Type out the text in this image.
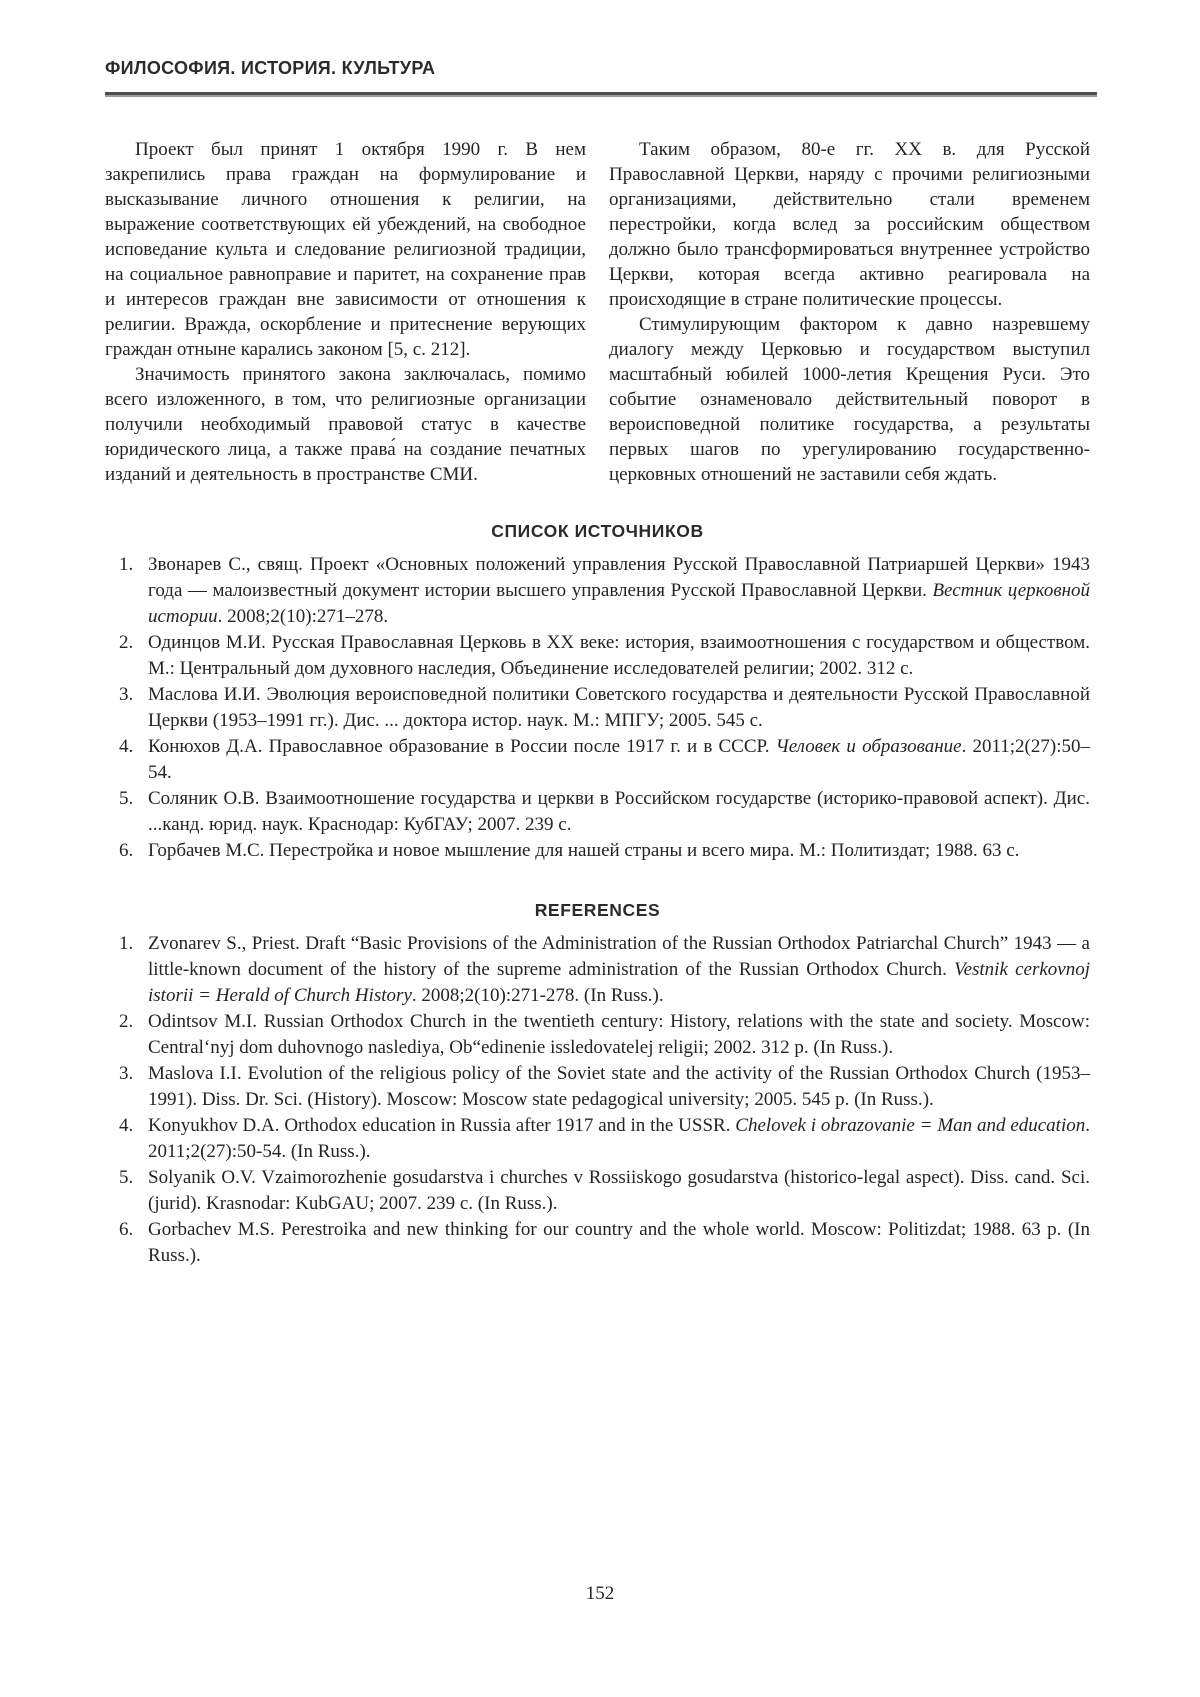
ФИЛОСОФИЯ. ИСТОРИЯ. КУЛЬТУРА

Проект был принят 1 октября 1990 г. В нем закрепились права граждан на формулирование и высказывание личного отношения к религии, на выражение соответствующих ей убеждений, на свободное исповедание культа и следование религиозной традиции, на социальное равноправие и паритет, на сохранение прав и интересов граждан вне зависимости от отношения к религии. Вражда, оскорбление и притеснение верующих граждан отныне карались законом [5, с. 212].

Значимость принятого закона заключалась, помимо всего изложенного, в том, что религиозные организации получили необходимый правовой статус в качестве юридического лица, а также права́ на создание печатных изданий и деятельность в пространстве СМИ.

Таким образом, 80-е гг. XX в. для Русской Православной Церкви, наряду с прочими религиозными организациями, действительно стали временем перестройки, когда вслед за российским обществом должно было трансформироваться внутреннее устройство Церкви, которая всегда активно реагировала на происходящие в стране политические процессы.

Стимулирующим фактором к давно назревшему диалогу между Церковью и государством выступил масштабный юбилей 1000-летия Крещения Руси. Это событие ознаменовало действительный поворот в вероисповедной политике государства, а результаты первых шагов по урегулированию государственно-церковных отношений не заставили себя ждать.

СПИСОК ИСТОЧНИКОВ
1. Звонарев С., свящ. Проект «Основных положений управления Русской Православной Патриаршей Церкви» 1943 года — малоизвестный документ истории высшего управления Русской Православной Церкви. Вестник церковной истории. 2008;2(10):271–278.
2. Одинцов М.И. Русская Православная Церковь в XX веке: история, взаимоотношения с государством и обществом. М.: Центральный дом духовного наследия, Объединение исследователей религии; 2002. 312 с.
3. Маслова И.И. Эволюция вероисповедной политики Советского государства и деятельности Русской Православной Церкви (1953–1991 гг.). Дис. ... доктора истор. наук. М.: МПГУ; 2005. 545 с.
4. Конюхов Д.А. Православное образование в России после 1917 г. и в СССР. Человек и образование. 2011;2(27):50–54.
5. Соляник О.В. Взаимоотношение государства и церкви в Российском государстве (историко-правовой аспект). Дис. ...канд. юрид. наук. Краснодар: КубГАУ; 2007. 239 с.
6. Горбачев М.С. Перестройка и новое мышление для нашей страны и всего мира. М.: Политиздат; 1988. 63 с.
REFERENCES
1. Zvonarev S., Priest. Draft “Basic Provisions of the Administration of the Russian Orthodox Patriarchal Church” 1943 — a little-known document of the history of the supreme administration of the Russian Orthodox Church. Vestnik cerkovnoj istorii = Herald of Church History. 2008;2(10):271-278. (In Russ.).
2. Odintsov M.I. Russian Orthodox Church in the twentieth century: History, relations with the state and society. Moscow: Central‘nyj dom duhovnogo naslediya, Ob“edinenie issledovatelej religii; 2002. 312 p. (In Russ.).
3. Maslova I.I. Evolution of the religious policy of the Soviet state and the activity of the Russian Orthodox Church (1953–1991). Diss. Dr. Sci. (History). Moscow: Moscow state pedagogical university; 2005. 545 p. (In Russ.).
4. Konyukhov D.A. Orthodox education in Russia after 1917 and in the USSR. Chelovek i obrazovanie = Man and education. 2011;2(27):50-54. (In Russ.).
5. Solyanik O.V. Vzaimorozhenie gosudarstva i churches v Rossiiskogo gosudarstva (historico-legal aspect). Diss. cand. Sci. (jurid). Krasnodar: KubGAU; 2007. 239 c. (In Russ.).
6. Gorbachev M.S. Perestroika and new thinking for our country and the whole world. Moscow: Politizdat; 1988. 63 p. (In Russ.).
152
